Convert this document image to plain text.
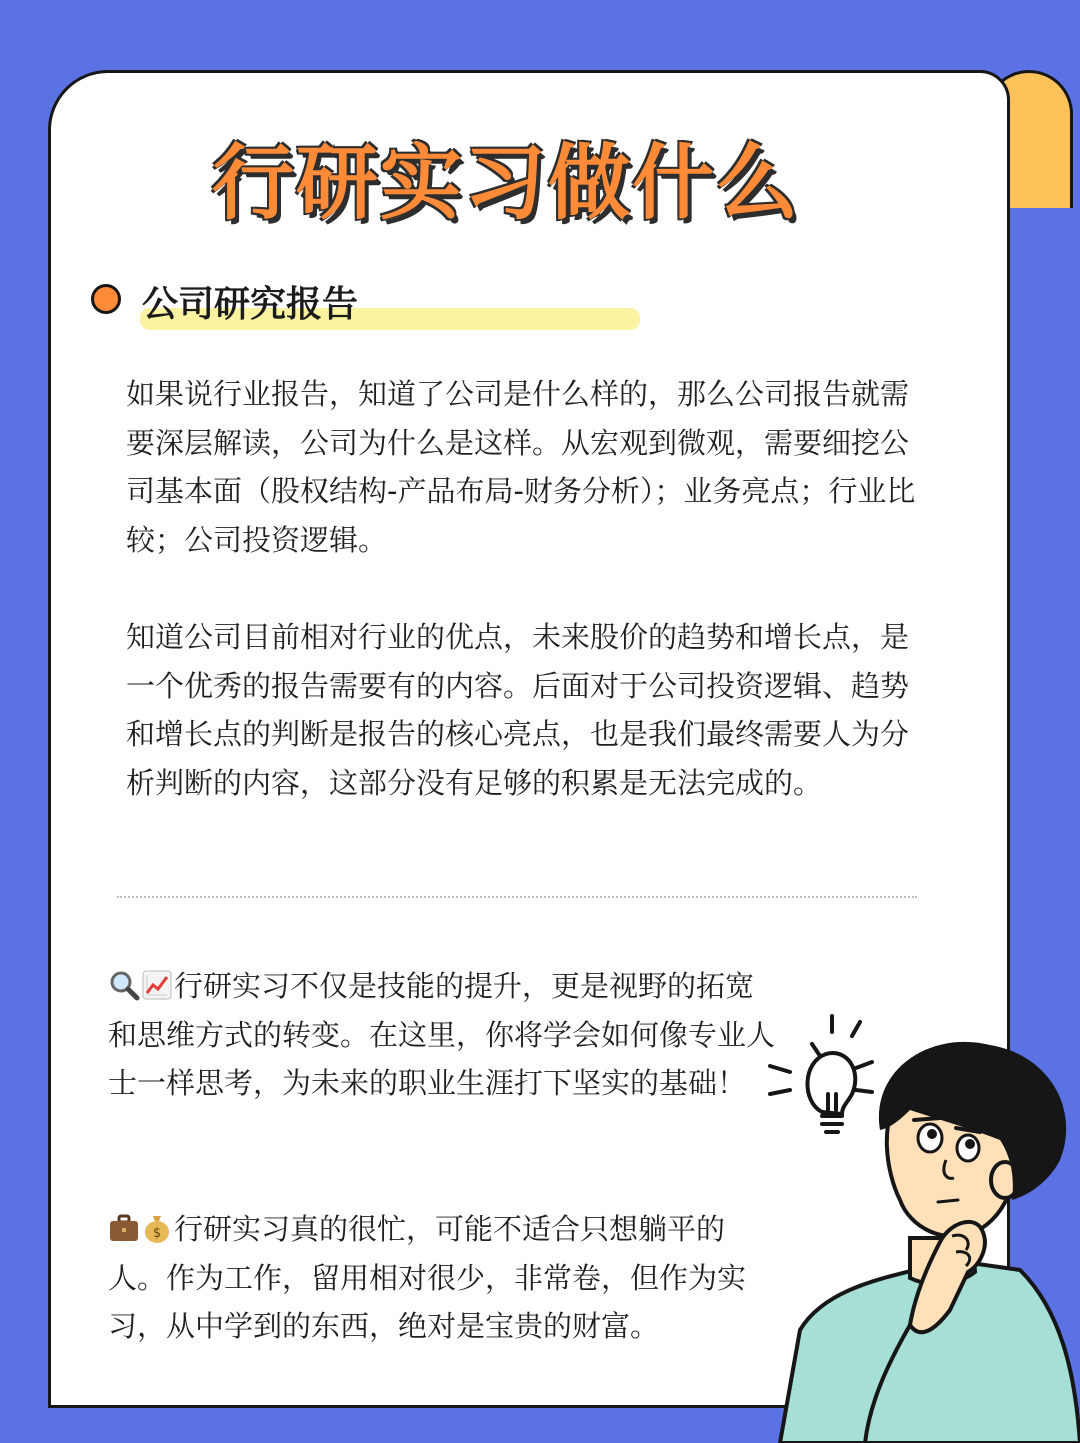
行研实习做什么
公司研究报告

如果说行业报告，知道了公司是什么样的，那么公司报告就需要深层解读，公司为什么是这样。从宏观到微观，需要细挖公司基本面（股权结构-产品布局-财务分析）；业务亮点；行业比较；公司投资逻辑。

知道公司目前相对行业的优点，未来股价的趋势和增长点，是一个优秀的报告需要有的内容。后面对于公司投资逻辑、趋势和增长点的判断是报告的核心亮点，也是我们最终需要人为分析判断的内容，这部分没有足够的积累是无法完成的。

行研实习不仅是技能的提升，更是视野的拓宽和思维方式的转变。在这里，你将学会如何像专业人士一样思考，为未来的职业生涯打下坚实的基础！

$ 行研实习真的很忙，可能不适合只想躺平的人。作为工作，留用相对很少，非常卷，但作为实习，从中学到的东西，绝对是宝贵的财富。
